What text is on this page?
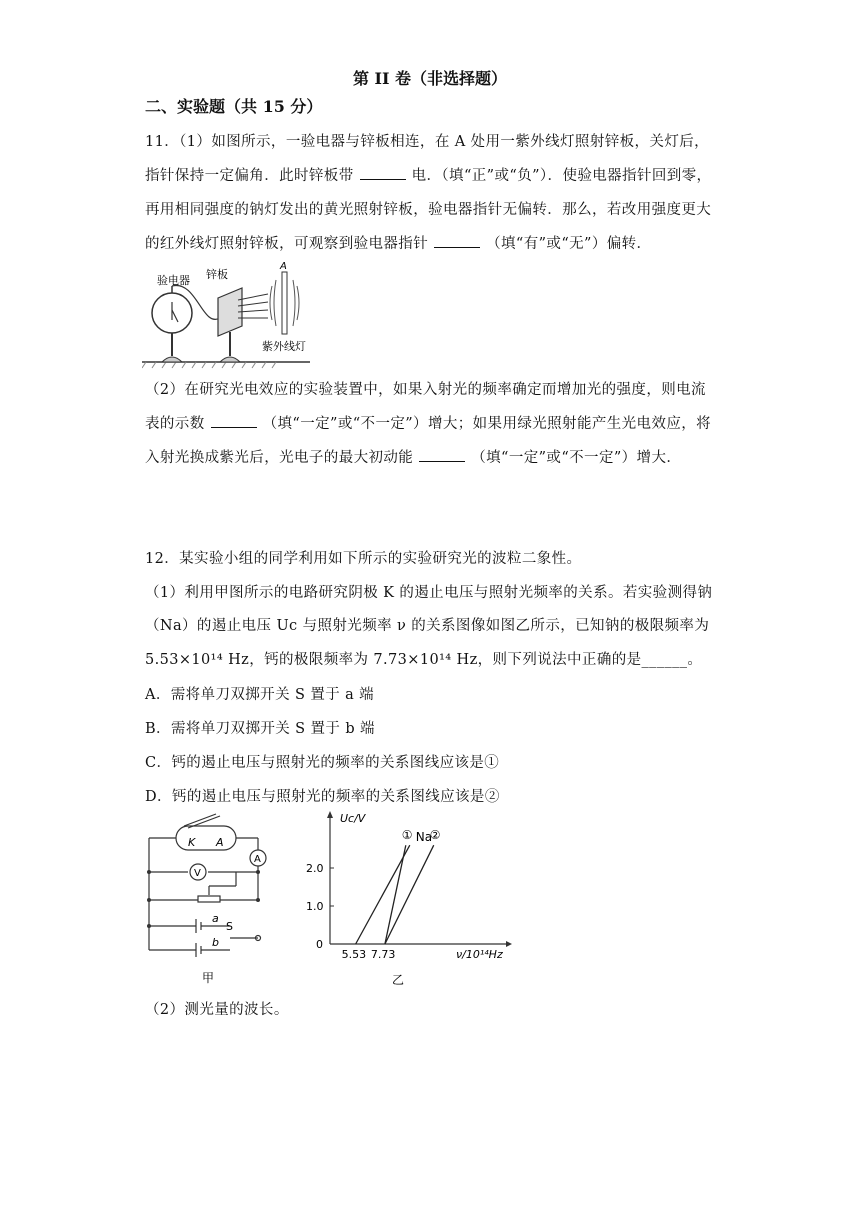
第 II 卷（非选择题）
二、实验题（共 15 分）
11．（1）如图所示，一验电器与锌板相连，在 A 处用一紫外线灯照射锌板，关灯后，
指针保持一定偏角．此时锌板带	电．（填“正”或“负”）．使验电器指针回到零，
再用相同强度的钠灯发出的黄光照射锌板，验电器指针无偏转．那么，若改用强度更大
的红外线灯照射锌板，可观察到验电器指针	（填“有”或“无”）偏转．
验电器 锌板
A
紫外线灯
（2）在研究光电效应的实验装置中，如果入射光的频率确定而增加光的强度，则电流
表的示数	（填“一定”或“不一定”）增大；如果用绿光照射能产生光电效应，将
入射光换成紫光后，光电子的最大初动能	（填“一定”或“不一定”）增大．
12．某实验小组的同学利用如下所示的实验研究光的波粒二象性。
（1）利用甲图所示的电路研究阴极 K 的遏止电压与照射光频率的关系。若实验测得钠
（Na）的遏止电压 Uc 与照射光频率 ν 的关系图像如图乙所示，已知钠的极限频率为
5.53×10¹⁴ Hz，钙的极限频率为 7.73×10¹⁴ Hz，则下列说法中正确的是______。
A．需将单刀双掷开关 S 置于 a 端
B．需将单刀双掷开关 S 置于 b 端
C．钙的遏止电压与照射光的频率的关系图线应该是①
D．钙的遏止电压与照射光的频率的关系图线应该是②
K A
A
V
a
S
b
甲
2.0
1.0
5.53 7.73
① Na
②
Uc/V
ν/10¹⁴Hz
0
乙
（2）测光量的波长。
